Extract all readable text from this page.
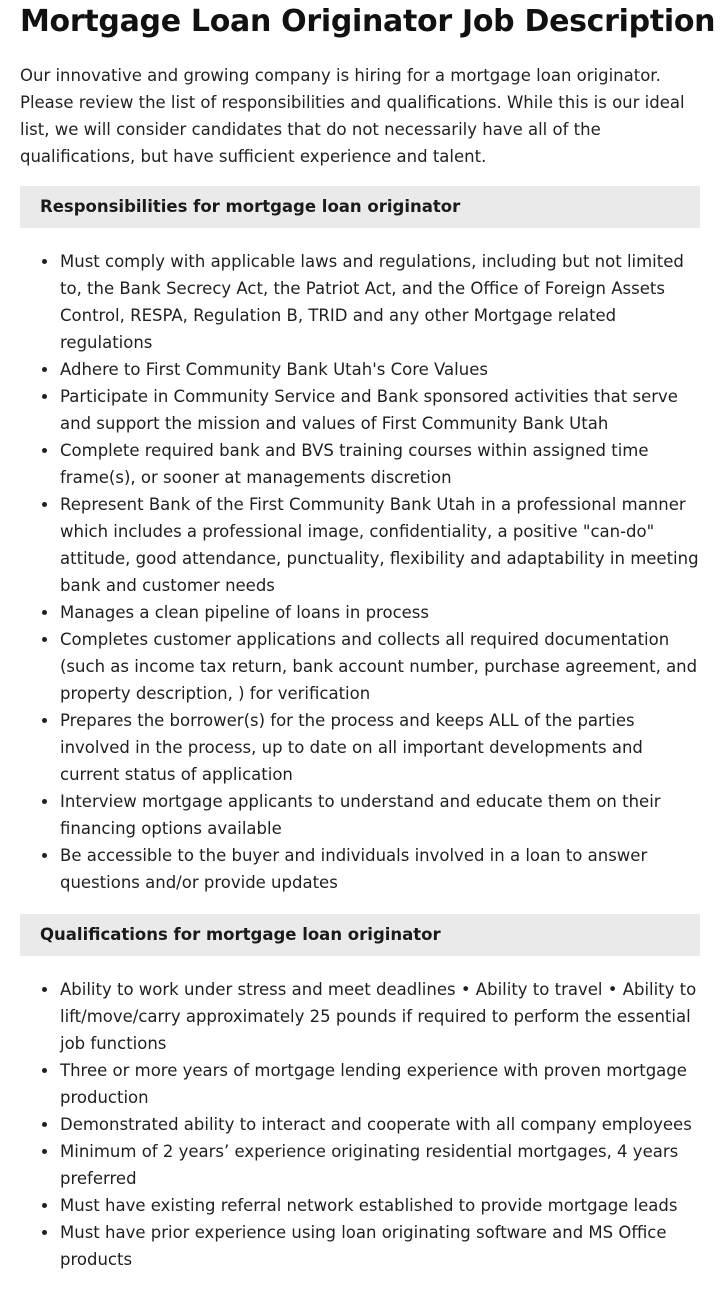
Mortgage Loan Originator Job Description

Our innovative and growing company is hiring for a mortgage loan originator. Please review the list of responsibilities and qualifications. While this is our ideal list, we will consider candidates that do not necessarily have all of the qualifications, but have sufficient experience and talent.

Responsibilities for mortgage loan originator
Must comply with applicable laws and regulations, including but not limited to, the Bank Secrecy Act, the Patriot Act, and the Office of Foreign Assets Control, RESPA, Regulation B, TRID and any other Mortgage related regulations
Adhere to First Community Bank Utah's Core Values
Participate in Community Service and Bank sponsored activities that serve and support the mission and values of First Community Bank Utah
Complete required bank and BVS training courses within assigned time frame(s), or sooner at managements discretion
Represent Bank of the First Community Bank Utah in a professional manner which includes a professional image, confidentiality, a positive "can-do" attitude, good attendance, punctuality, flexibility and adaptability in meeting bank and customer needs
Manages a clean pipeline of loans in process
Completes customer applications and collects all required documentation (such as income tax return, bank account number, purchase agreement, and property description, ) for verification
Prepares the borrower(s) for the process and keeps ALL of the parties involved in the process, up to date on all important developments and current status of application
Interview mortgage applicants to understand and educate them on their financing options available
Be accessible to the buyer and individuals involved in a loan to answer questions and/or provide updates
Qualifications for mortgage loan originator
Ability to work under stress and meet deadlines • Ability to travel • Ability to lift/move/carry approximately 25 pounds if required to perform the essential job functions
Three or more years of mortgage lending experience with proven mortgage production
Demonstrated ability to interact and cooperate with all company employees
Minimum of 2 years’ experience originating residential mortgages, 4 years preferred
Must have existing referral network established to provide mortgage leads
Must have prior experience using loan originating software and MS Office products
